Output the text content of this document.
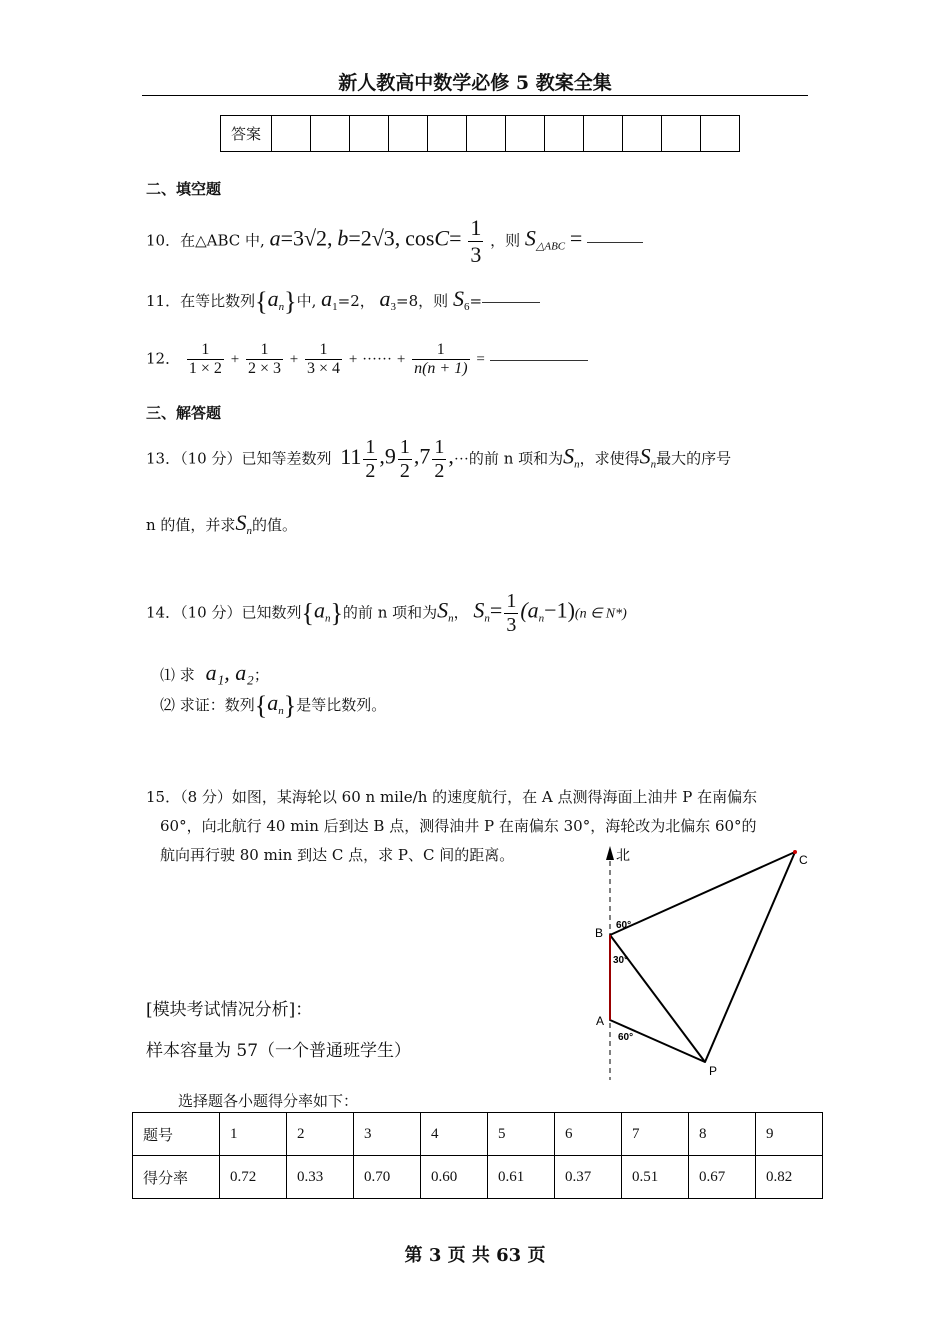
新人教高中数学必修 5 教案全集
答案												
二、填空题
10．在△ABC 中, a=3√2, b=2√3, $\cos C= \frac{1}{3}$ ，则 $S_{\triangle ABC}$ =
11．在等比数列$\{a_n\}$中, $a_1=2$， $a_3=8$，则 $S_6=$
12． $\frac{1}{1 \times 2} + \frac{1}{2 \times 3} + \frac{1}{3 \times 4}$ + ······ + $\frac{1}{n(n + 1)}$ =
三、解答题
13．（10 分）已知等差数列 $11 \frac{1}{2} ,9 \frac{1}{2} ,7 \frac{1}{2}$ ,···的前 n 项和为$S_n$，求使得$S_n$最大的序号
n 的值，并求$S_n$的值。
14．（10 分）已知数列$\{a_n\}$的前 n 项和为$S_n$， $S_n= \frac{1}{3} (a_n-1)(n$ ∈ N*)
⑴ 求 a₁, a₂；
⑵ 求证：数列$\{a_n\}$是等比数列。
15．（8 分）如图，某海轮以 60 n mile/h 的速度航行，在 A 点测得海面上油井 P 在南偏东
60°，向北航行 40 min 后到达 B 点，测得油井 P 在南偏东 30°，海轮改为北偏东 60°的
航向再行驶 80 min 到达 C 点，求 P、C 间的距离。	北	C
B
A
P
60°
30°
60°
[模块考试情况分析]：
样本容量为 57（一个普通班学生）
选择题各小题得分率如下：
题号	1	2	3	4	5	6	7	8	9
得分率	0.72	0.33	0.70	0.60	0.61	0.37	0.51	0.67	0.82
第 3 页 共 63 页
